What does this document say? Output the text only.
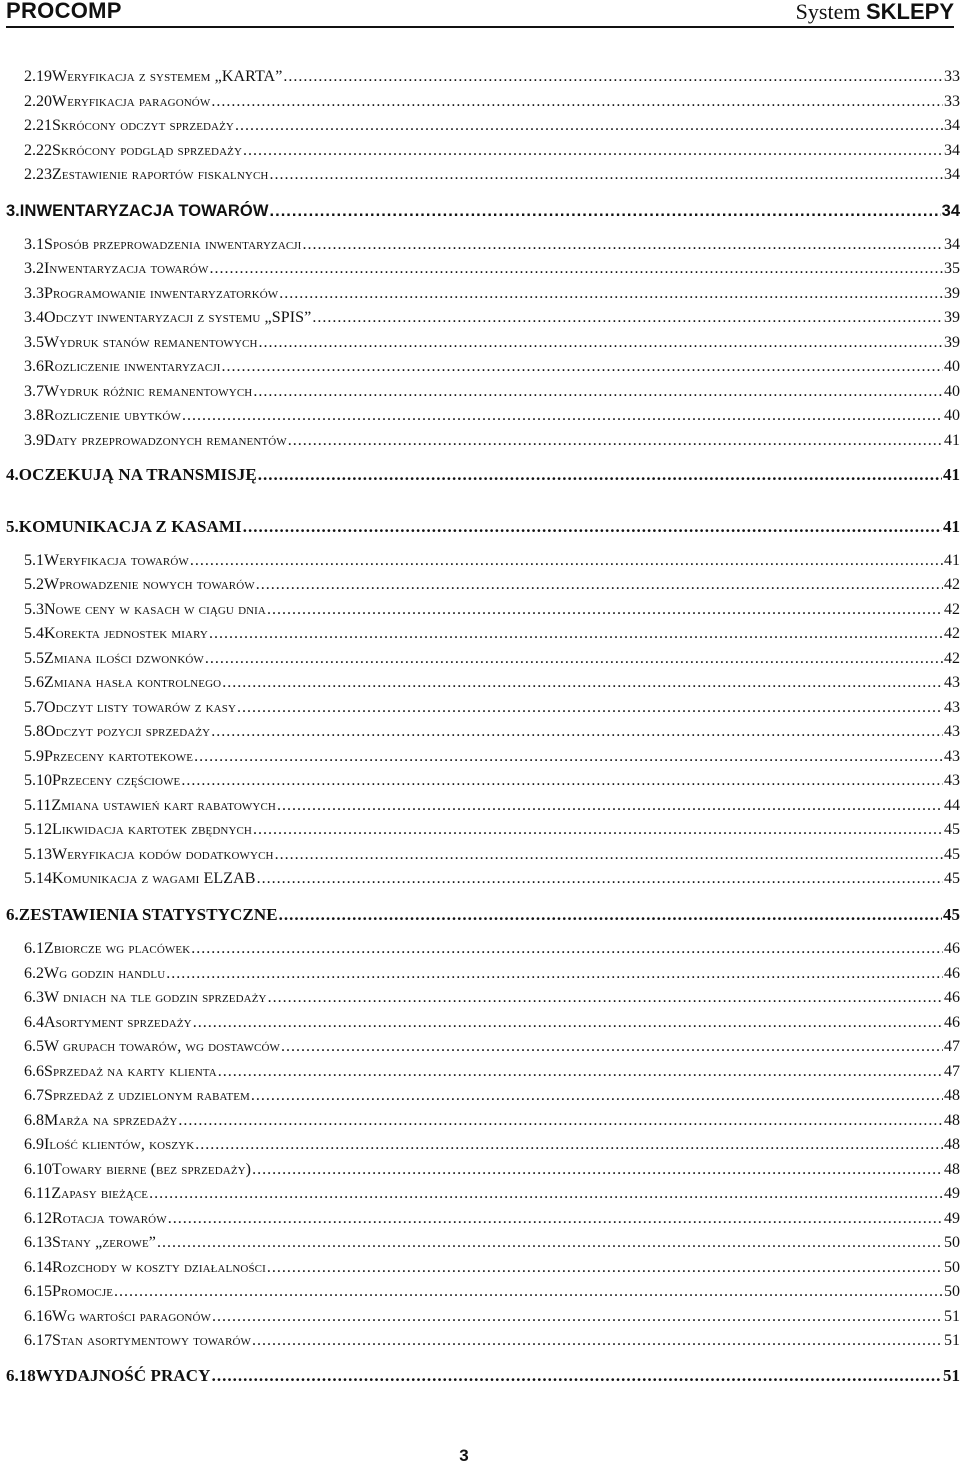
PROCOMP	System SKLEPY
2.19 Weryfikacja z systemem „KARTA” .....	33
2.20 Weryfikacja paragonów .....	33
2.21 Skrócony odczyt sprzedaży .....	34
2.22 Skrócony podgląd sprzedaży .....	34
2.23 Zestawienie raportów fiskalnych .....	34
3. INWENTARYZACJA TOWARÓW .....	34
3.1 Sposób przeprowadzenia inwentaryzacji .....	34
3.2 Inwentaryzacja towarów .....	35
3.3 Programowanie inwentaryzatorków .....	39
3.4 Odczyt inwentaryzacji z systemu „SPIS” .....	39
3.5 Wydruk stanów remanentowych .....	39
3.6 Rozliczenie inwentaryzacji .....	40
3.7 Wydruk różnic remanentowych .....	40
3.8 Rozliczenie ubytków .....	40
3.9 Daty przeprowadzonych remanentów .....	41
4. OCZEKUJĄ NA TRANSMISJĘ .....	41
5. KOMUNIKACJA Z KASAMI .....	41
5.1 Weryfikacja towarów .....	41
5.2 Wprowadzenie nowych towarów .....	42
5.3 Nowe ceny w kasach w ciągu dnia .....	42
5.4 Korekta jednostek miary .....	42
5.5 Zmiana ilości dzwonków .....	42
5.6 Zmiana hasła kontrolnego .....	43
5.7 Odczyt listy towarów z kasy .....	43
5.8 Odczyt pozycji sprzedaży .....	43
5.9 Przeceny kartotekowe .....	43
5.10 Przeceny częściowe .....	43
5.11 Zmiana ustawień kart rabatowych .....	44
5.12 Likwidacja kartotek zbędnych .....	45
5.13 Weryfikacja kodów dodatkowych .....	45
5.14 Komunikacja z wagami ELZAB .....	45
6. ZESTAWIENIA STATYSTYCZNE .....	45
6.1 Zbiorcze wg placówek .....	46
6.2 Wg godzin handlu .....	46
6.3 W dniach na tle godzin sprzedaży .....	46
6.4 Asortyment sprzedaży .....	46
6.5 W grupach towarów, wg dostawców .....	47
6.6 Sprzedaż na karty klienta .....	47
6.7 Sprzedaż z udzielonym rabatem .....	48
6.8 Marża na sprzedaży .....	48
6.9 Ilość klientów, koszyk .....	48
6.10 Towary bierne (bez sprzedaży) .....	48
6.11 Zapasy bieżące .....	49
6.12 Rotacja towarów .....	49
6.13 Stany „zerowe” .....	50
6.14 Rozchody w koszty działalności .....	50
6.15 Promocje .....	50
6.16 Wg wartości paragonów .....	51
6.17 Stan asortymentowy towarów .....	51
6.18 WYDAJNOŚĆ PRACY .....	51
3
